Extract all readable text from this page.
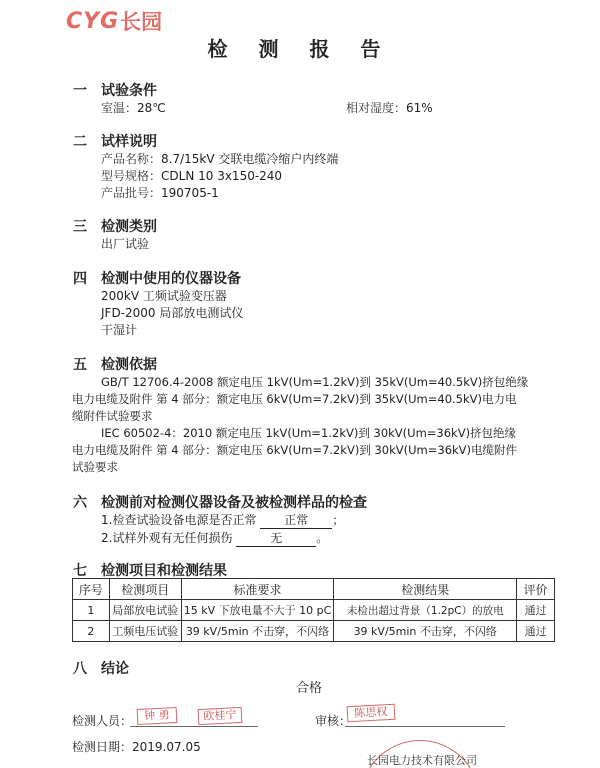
CYG 长园
检 测 报 告
一	试验条件
室温：28℃	相对湿度：61%
二	试样说明
产品名称：8.7/15kV 交联电缆冷缩户内终端
型号规格：CDLN 10 3x150-240
产品批号：190705-1
三	检测类别
出厂试验
四	检测中使用的仪器设备
200kV 工频试验变压器
JFD-2000 局部放电测试仪
干湿计
五	检测依据
GB/T 12706.4-2008 额定电压 1kV(Um=1.2kV)到 35kV(Um=40.5kV)挤包绝缘
电力电缆及附件 第 4 部分：额定电压 6kV(Um=7.2kV)到 35kV(Um=40.5kV)电力电
缆附件试验要求
IEC 60502-4：2010 额定电压 1kV(Um=1.2kV)到 30kV(Um=36kV)挤包绝缘
电力电缆及附件 第 4 部分：额定电压 6kV(Um=7.2kV)到 30kV(Um=36kV)电缆附件
试验要求
六	检测前对检测仪器设备及被检测样品的检查
1.检查试验设备电源是否正常 正常 ；
2.试样外观有无任何损伤	无	。
七	检测项目和检测结果
序号	检测项目	标准要求	检测结果	评价
1	局部放电试验	15 kV 下放电量不大于 10 pC	未检出超过背景（1.2pC）的放电	通过
2	工频电压试验	39 kV/5min 不击穿，不闪络	39 kV/5min 不击穿，不闪络	通过
八	结论
合格
检测人员：	钟 勇	欧桂宁	审核：
陈思权
检测日期：2019.07.05
长园电力技术有限公司
